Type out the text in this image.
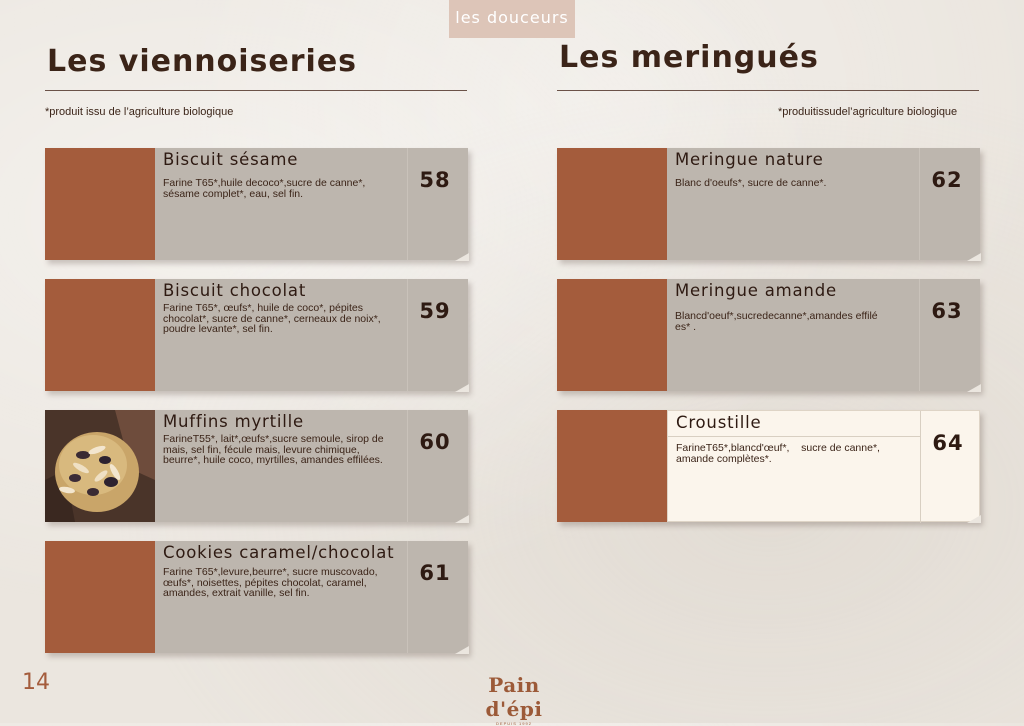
les douceurs
Les viennoiseries
*produit issu de l’agriculture biologique
Biscuit sésame
Farine T65*,huile decoco*,sucre de canne*, sésame complet*, eau, sel fin.
58
Biscuit chocolat
Farine T65*, œufs*, huile de coco*, pépites chocolat*, sucre de canne*, cerneaux de noix*, poudre levante*, sel fin.
59
Muffins myrtille
FarineT55*, lait*,œufs*,sucre semoule, sirop de mais, sel fin, fécule mais, levure chimique, beurre*, huile coco, myrtilles, amandes effilées.
60
Cookies caramel/chocolat
Farine T65*,levure,beurre*, sucre muscovado, œufs*, noisettes, pépites chocolat, caramel, amandes, extrait vanille, sel fin.
61
Les meringués
*produitissudel’agriculture biologique
Meringue nature
Blanc d'oeufs*, sucre de canne*.	62
Meringue amande
Blancd'oeuf*,sucredecanne*,amandes effilé es* .
63
Croustille
FarineT65*,blancd'œuf*,    sucre de canne*, amande complètes*.
64
14	Pain d'épi
DEPUIS 1992
